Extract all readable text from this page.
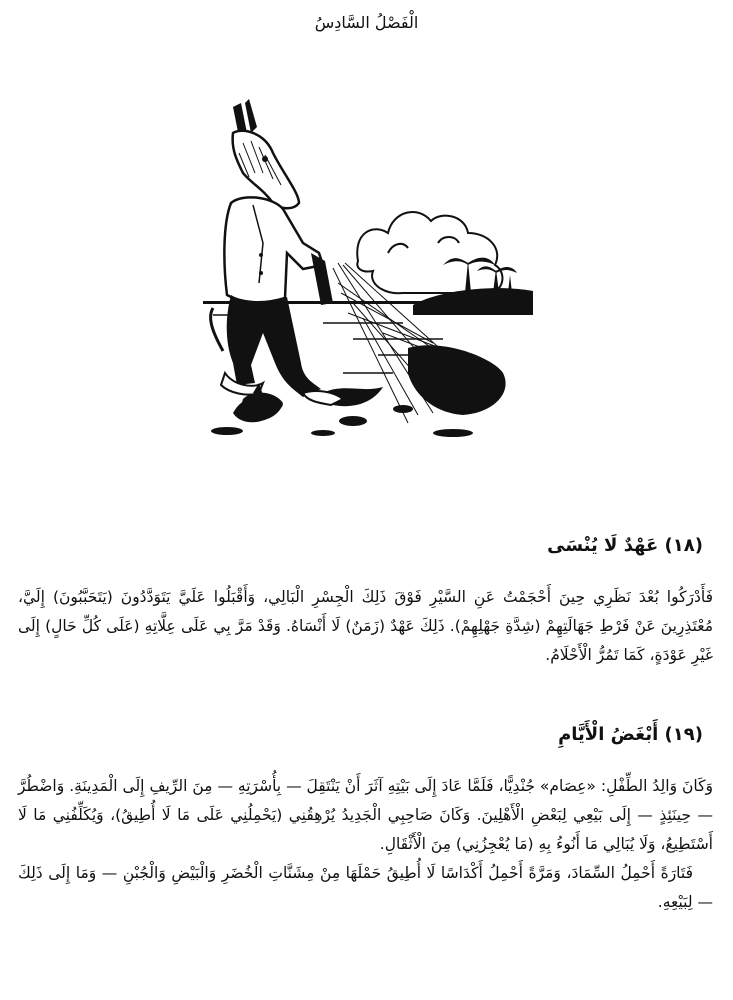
الْفَصْلُ السَّادِسُ
(١٨) عَهْدٌ لَا يُنْسَى

فَأَدْرَكُوا بُعْدَ نَظَرِي حِينَ أَحْجَمْتُ عَنِ السَّيْرِ فَوْقَ ذَلِكَ الْجِسْرِ الْبَالِي، وَأَقْبَلُوا عَلَيَّ يَتَوَدَّدُونَ (يَتَحَبَّبُونَ) إِلَيَّ، مُعْتَذِرِينَ عَنْ فَرْطِ جَهَالَتِهِمْ (شِدَّةِ جَهْلِهِمْ). ذَلِكَ عَهْدٌ (زَمَنٌ) لَا أَنْسَاهُ. وَقَدْ مَرَّ بِي عَلَى عِلَّاتِهِ (عَلَى كُلِّ حَالٍ) إِلَى غَيْرِ عَوْدَةٍ، كَمَا تَمُرُّ الْأَحْلَامُ.

(١٩) أَبْغَضُ الْأَيَّامِ

وَكَانَ وَالِدُ الطِّفْلِ: «عِصَام» جُنْدِيًّا، فَلَمَّا عَادَ إِلَى بَيْتِهِ آثَرَ أَنْ يَنْتَقِلَ — بِأُسْرَتِهِ — مِنَ الرِّيفِ إِلَى الْمَدِينَةِ. وَاضْطُرَّ — حِينَئِذٍ — إِلَى بَيْعِي لِبَعْضِ الْأَهْلِينَ. وَكَانَ صَاحِبِي الْجَدِيدُ يُرْهِقُنِي (يَحْمِلُنِي عَلَى مَا لَا أُطِيقُ)، وَيُكَلِّفُنِي مَا لَا أَسْتَطِيعُ، وَلَا يُبَالِي مَا أَنُوءُ بِهِ (مَا يُعْجِزُنِي) مِنَ الْأَثْقَالِ.

فَتَارَةً أَحْمِلُ السِّمَادَ، وَمَرَّةً أَحْمِلُ أَكْدَاسًا لَا أُطِيقُ حَمْلَهَا مِنْ مِشَنَّاتِ الْخُضَرِ وَالْبَيْضِ وَالْجُبْنِ — وَمَا إِلَى ذَلِكَ — لِبَيْعِهِ.
